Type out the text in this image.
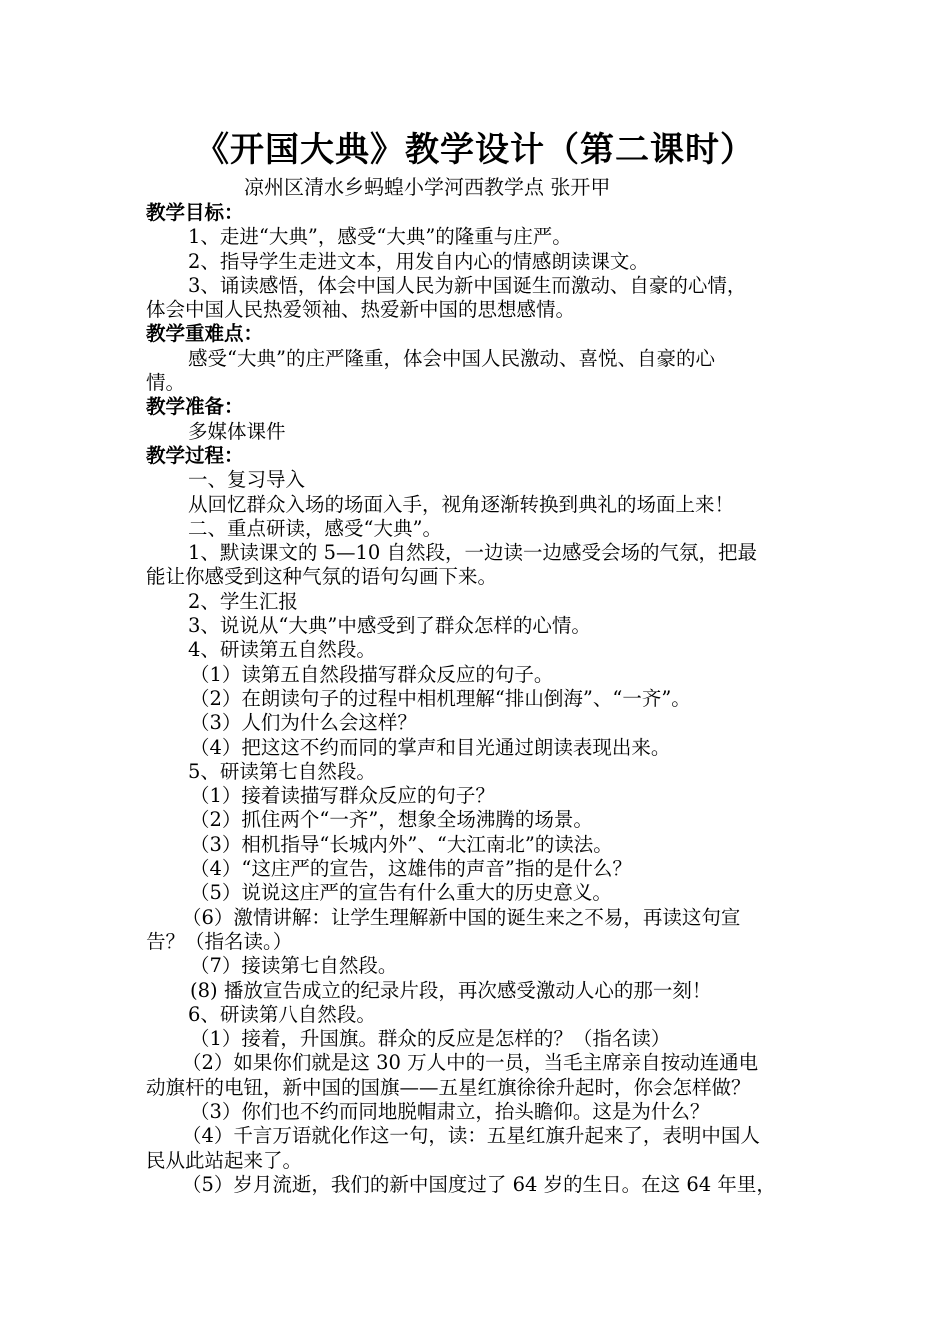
《开国大典》教学设计（第二课时）
凉州区清水乡蚂蝗小学河西教学点 张开甲

教学目标：

1、走进“大典”，感受“大典”的隆重与庄严。

2、指导学生走进文本，用发自内心的情感朗读课文。

3、诵读感悟，体会中国人民为新中国诞生而激动、自豪的心情，

体会中国人民热爱领袖、热爱新中国的思想感情。

教学重难点：

感受“大典”的庄严隆重，体会中国人民激动、喜悦、自豪的心

情。

教学准备：

多媒体课件

教学过程：

一、复习导入

从回忆群众入场的场面入手，视角逐渐转换到典礼的场面上来！

二、重点研读，感受“大典”。

1、默读课文的 5—10 自然段，一边读一边感受会场的气氛，把最

能让你感受到这种气氛的语句勾画下来。

2、学生汇报

3、说说从“大典”中感受到了群众怎样的心情。

4、研读第五自然段。

（1）读第五自然段描写群众反应的句子。

（2）在朗读句子的过程中相机理解“排山倒海”、“一齐”。

（3）人们为什么会这样？

（4）把这这不约而同的掌声和目光通过朗读表现出来。

5、研读第七自然段。

（1）接着读描写群众反应的句子？

（2）抓住两个“一齐”，想象全场沸腾的场景。

（3）相机指导“长城内外”、“大江南北”的读法。

（4）“这庄严的宣告，这雄伟的声音”指的是什么？

（5）说说这庄严的宣告有什么重大的历史意义。

（6）激情讲解：让学生理解新中国的诞生来之不易，再读这句宣

告？（指名读。）

（7）接读第七自然段。

(8) 播放宣告成立的纪录片段，再次感受激动人心的那一刻！

6、研读第八自然段。

（1）接着，升国旗。群众的反应是怎样的？（指名读）

（2）如果你们就是这 30 万人中的一员，当毛主席亲自按动连通电

动旗杆的电钮，新中国的国旗——五星红旗徐徐升起时，你会怎样做？

（3）你们也不约而同地脱帽肃立，抬头瞻仰。这是为什么？

（4）千言万语就化作这一句，读：五星红旗升起来了，表明中国人

民从此站起来了。

（5）岁月流逝，我们的新中国度过了 64 岁的生日。在这 64 年里，
